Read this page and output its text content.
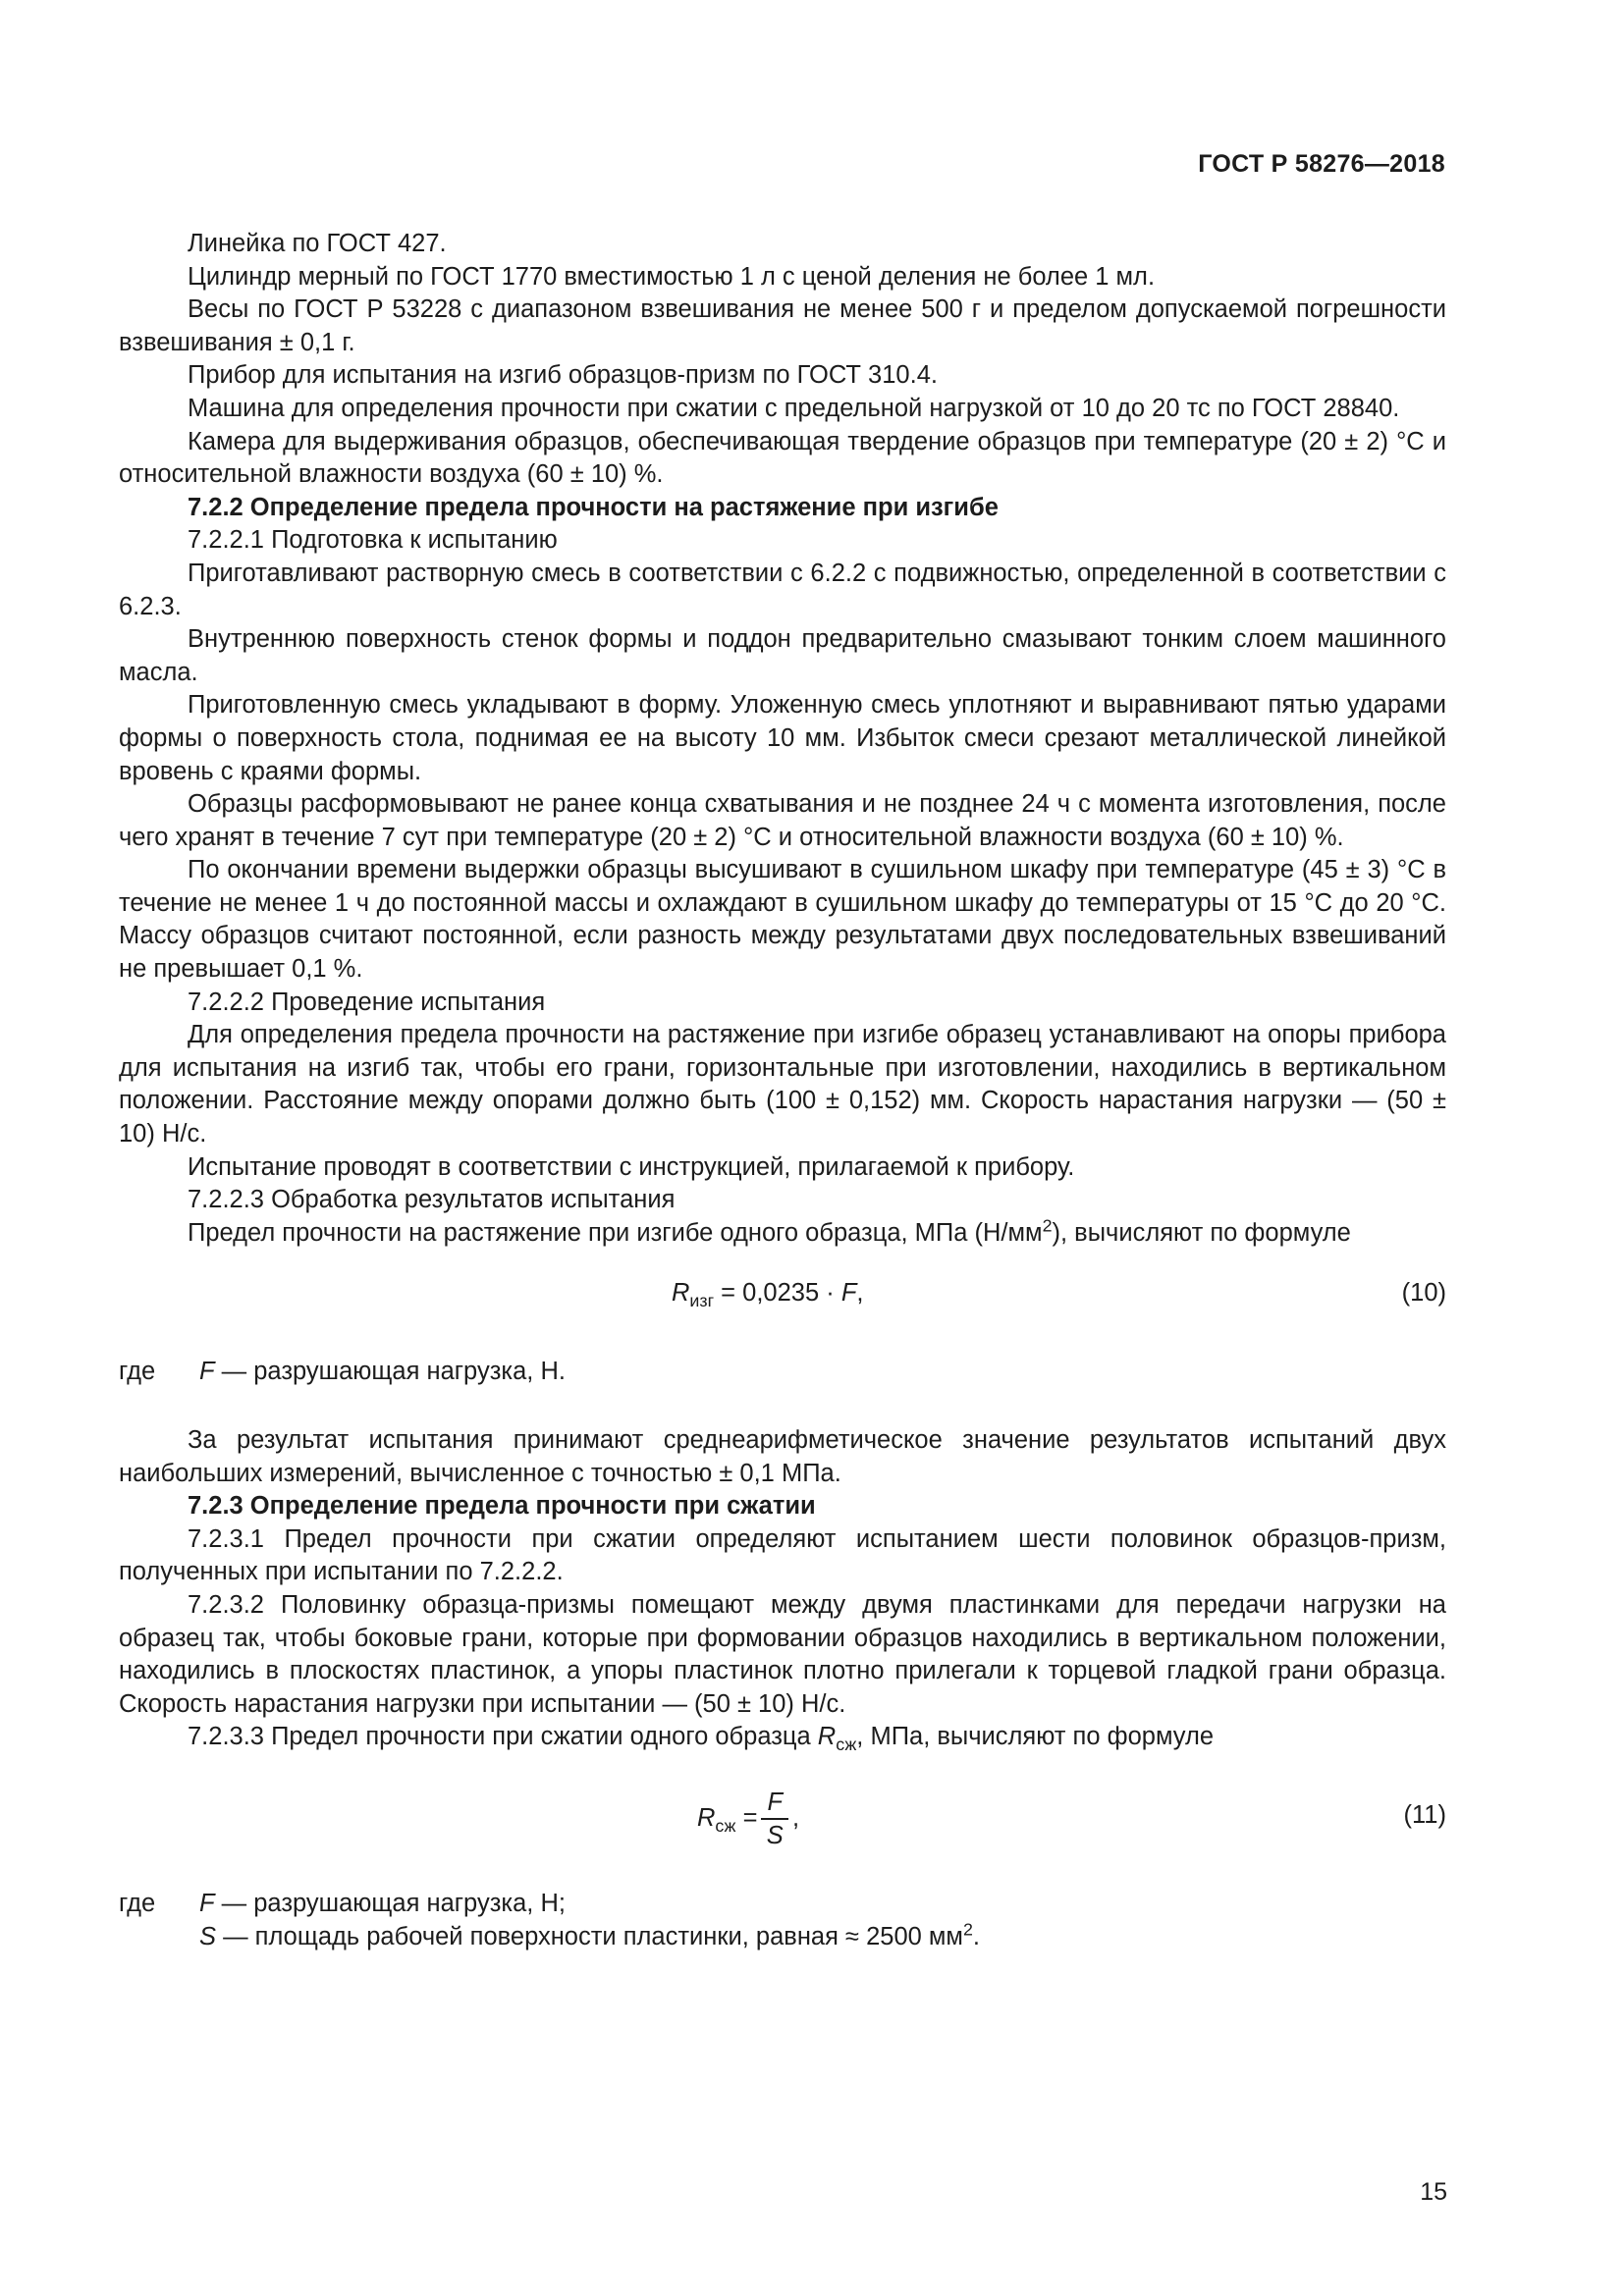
ГОСТ Р 58276—2018

Линейка по ГОСТ 427.

Цилиндр мерный по ГОСТ 1770 вместимостью 1 л с ценой деления не более 1 мл.

Весы по ГОСТ Р 53228 с диапазоном взвешивания не менее 500 г и пределом допускаемой погрешности взвешивания ± 0,1 г.

Прибор для испытания на изгиб образцов-призм по ГОСТ 310.4.

Машина для определения прочности при сжатии с предельной нагрузкой от 10 до 20 тс по ГОСТ 28840.

Камера для выдерживания образцов, обеспечивающая твердение образцов при температуре (20 ± 2) °С и относительной влажности воздуха (60 ± 10) %.

7.2.2 Определение предела прочности на растяжение при изгибе

7.2.2.1 Подготовка к испытанию

Приготавливают растворную смесь в соответствии с 6.2.2 с подвижностью, определенной в соответствии с 6.2.3.

Внутреннюю поверхность стенок формы и поддон предварительно смазывают тонким слоем машинного масла.

Приготовленную смесь укладывают в форму. Уложенную смесь уплотняют и выравнивают пятью ударами формы о поверхность стола, поднимая ее на высоту 10 мм. Избыток смеси срезают металлической линейкой вровень с краями формы.

Образцы расформовывают не ранее конца схватывания и не позднее 24 ч с момента изготовления, после чего хранят в течение 7 сут при температуре (20 ± 2) °С и относительной влажности воздуха (60 ± 10) %.

По окончании времени выдержки образцы высушивают в сушильном шкафу при температуре (45 ± 3) °С в течение не менее 1 ч до постоянной массы и охлаждают в сушильном шкафу до температуры от 15 °С до 20 °С. Массу образцов считают постоянной, если разность между результатами двух последовательных взвешиваний не превышает 0,1 %.

7.2.2.2 Проведение испытания

Для определения предела прочности на растяжение при изгибе образец устанавливают на опоры прибора для испытания на изгиб так, чтобы его грани, горизонтальные при изготовлении, находились в вертикальном положении. Расстояние между опорами должно быть (100 ± 0,152) мм. Скорость нарастания нагрузки — (50 ± 10) Н/с.

Испытание проводят в соответствии с инструкцией, прилагаемой к прибору.

7.2.2.3 Обработка результатов испытания

Предел прочности на растяжение при изгибе одного образца, МПа $(Н/мм^2)$, вычисляют по формуле

$R_{изг} = 0,0235 \cdot F$,	(10)
где	F — разрушающая нагрузка, Н.

За результат испытания принимают среднеарифметическое значение результатов испытаний двух наибольших измерений, вычисленное с точностью ± 0,1 МПа.

7.2.3 Определение предела прочности при сжатии

7.2.3.1 Предел прочности при сжатии определяют испытанием шести половинок образцов-призм, полученных при испытании по 7.2.2.2.

7.2.3.2 Половинку образца-призмы помещают между двумя пластинками для передачи нагрузки на образец так, чтобы боковые грани, которые при формовании образцов находились в вертикальном положении, находились в плоскостях пластинок, а упоры пластинок плотно прилегали к торцевой гладкой грани образца. Скорость нарастания нагрузки при испытании — (50 ± 10) Н/с.

7.2.3.3 Предел прочности при сжатии одного образца $R_{сж}$, МПа, вычисляют по формуле

$R_{сж} = \frac{F}{S}$ ,	(11)
где	F — разрушающая нагрузка, Н;
S — площадь рабочей поверхности пластинки, равная ≈ 2500 $мм^2$.
15
